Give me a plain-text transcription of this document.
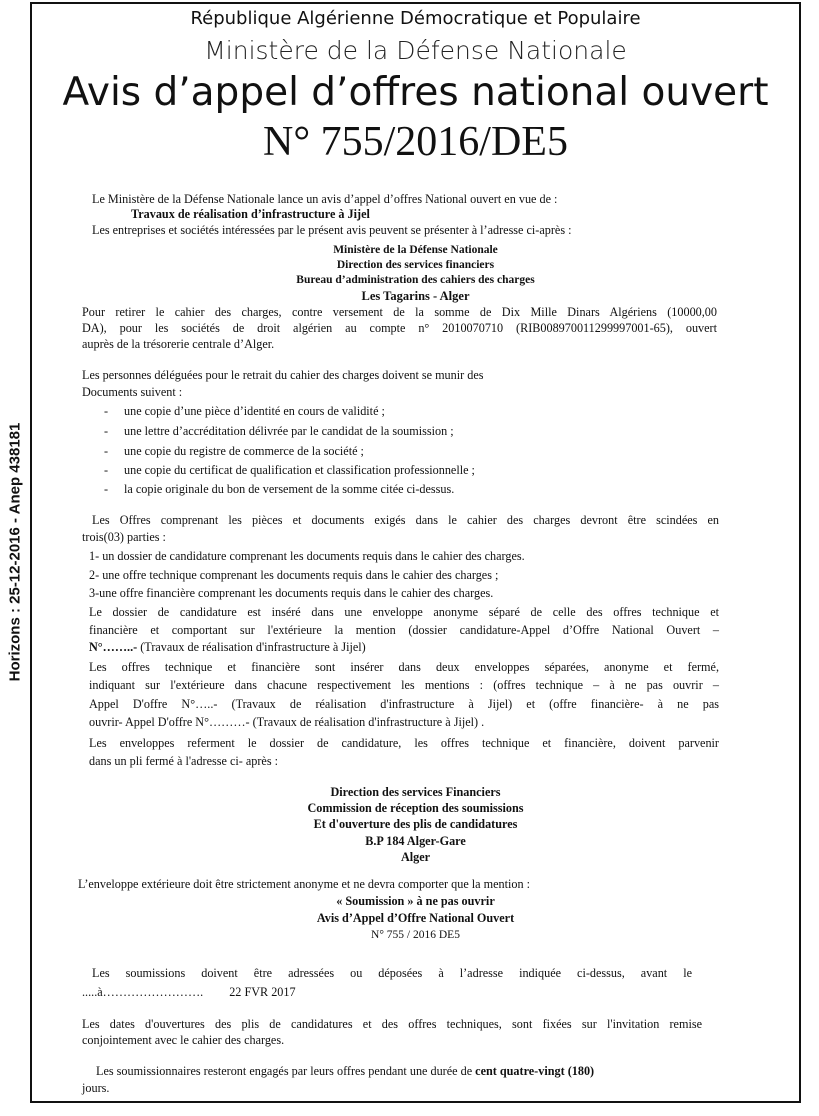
Horizons : 25-12-2016 - Anep 438181
République Algérienne Démocratique et Populaire
Ministère de la Défense Nationale
Avis d’appel d’offres national ouvert
N° 755/2016/DE5
Le Ministère de la Défense Nationale lance un avis d’appel d’offres National ouvert en vue de :
Travaux de réalisation d’infrastructure à Jijel
Les entreprises et sociétés intéressées par le présent avis peuvent se présenter à l’adresse ci-après :
Ministère de la Défense Nationale
Direction des services financiers
Bureau d’administration des cahiers des charges
Les Tagarins - Alger
Pour retirer le cahier des charges, contre versement de la somme de Dix Mille Dinars Algériens (10000,00
DA), pour les sociétés de droit algérien au compte n° 2010070710 (RIB008970011299997001-65), ouvert
auprès de la trésorerie centrale d’Alger.
Les personnes déléguées pour le retrait du cahier des charges doivent se munir des
Documents suivent :
- une copie d’une pièce d’identité en cours de validité ;
- une lettre d’accréditation délivrée par le candidat de la soumission ;
- une copie du registre de commerce de la société ;
- une copie du certificat de qualification et classification professionnelle ;
- la copie originale du bon de versement de la somme citée ci-dessus.
Les Offres comprenant les pièces et documents exigés dans le cahier des charges devront être scindées en
trois(03) parties :
1- un dossier de candidature comprenant les documents requis dans le cahier des charges.
2- une offre technique comprenant les documents requis dans le cahier des charges ;
3-une offre financière comprenant les documents requis dans le cahier des charges.
Le dossier de candidature est inséré dans une enveloppe anonyme séparé de celle des offres technique et
financière et comportant sur l'extérieure la mention (dossier candidature-Appel d’Offre National Ouvert –
N°……..- (Travaux de réalisation d'infrastructure à Jijel)
Les offres technique et financière sont insérer dans deux enveloppes séparées, anonyme et fermé,
indiquant sur l'extérieure dans chacune respectivement les mentions : (offres technique – à ne pas ouvrir –
Appel D'offre N°…..- (Travaux de réalisation d'infrastructure à Jijel) et (offre financière- à ne pas
ouvrir- Appel D'offre N°………- (Travaux de réalisation d'infrastructure à Jijel) .
Les enveloppes referment le dossier de candidature, les offres technique et financière, doivent parvenir
dans un pli fermé à l'adresse ci- après :
Direction des services Financiers
Commission de réception des soumissions
Et d'ouverture des plis de candidatures
B.P 184 Alger-Gare
Alger
L’enveloppe extérieure doit être strictement anonyme et ne devra comporter que la mention :
« Soumission » à ne pas ouvrir
Avis d’Appel d’Offre National Ouvert
N° 755 / 2016 DE5
Les soumissions doivent être adressées ou déposées à l’adresse indiquée ci-dessus, avant le
.....à……………………. 22 FVR 2017
Les dates d'ouvertures des plis de candidatures et des offres techniques, sont fixées sur l'invitation remise
conjointement avec le cahier des charges.
Les soumissionnaires resteront engagés par leurs offres pendant une durée de cent quatre-vingt (180)
jours.
